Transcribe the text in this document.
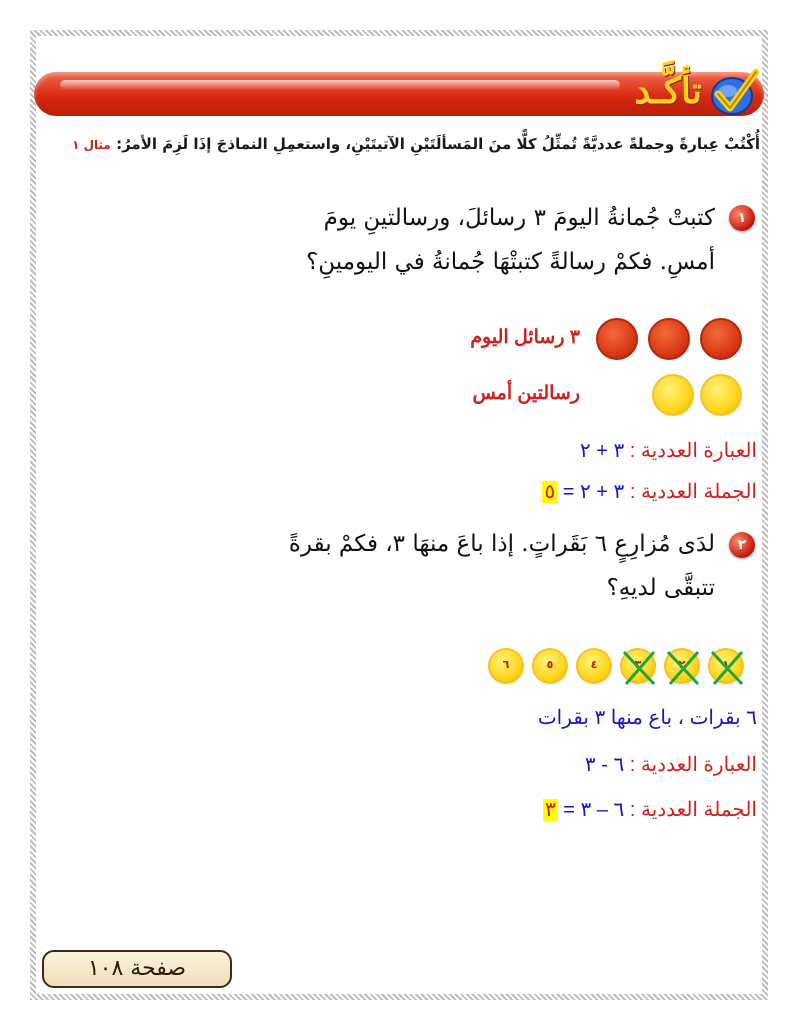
تأكَّـد
أُكْتُبْ عِبارةً وجملةً عدديَّةً تُمثِّلُ كلًّا منَ المَسألَتَيْنِ الآتيتَيْنِ، واستعمِلِ النماذجَ إذَا لَزِمَ الأمرُ: مثال ١
١
كتبتْ جُمانةُ اليومَ ٣ رسائلَ، ورسالتينِ يومَ
أمسِ. فكمْ رسالةً كتبتْهَا جُمانةُ في اليومينِ؟
٣ رسائل اليوم
رسالتين أمس
العبارة العددية : ٣ + ٢
الجملة العددية : ٣ + ٢ = ٥
٢
لدَى مُزارِعٍ ٦ بَقَراتٍ. إذا باعَ منهَا ٣، فكمْ بقرةً
تتبقَّى لديهِ؟
١
٢
٣
٤
٥
٦
٦ بقرات ، باع منها ٣ بقرات
العبارة العددية : ٦ - ٣
الجملة العددية : ٦ – ٣ = ٣
صفحة ١٠٨
